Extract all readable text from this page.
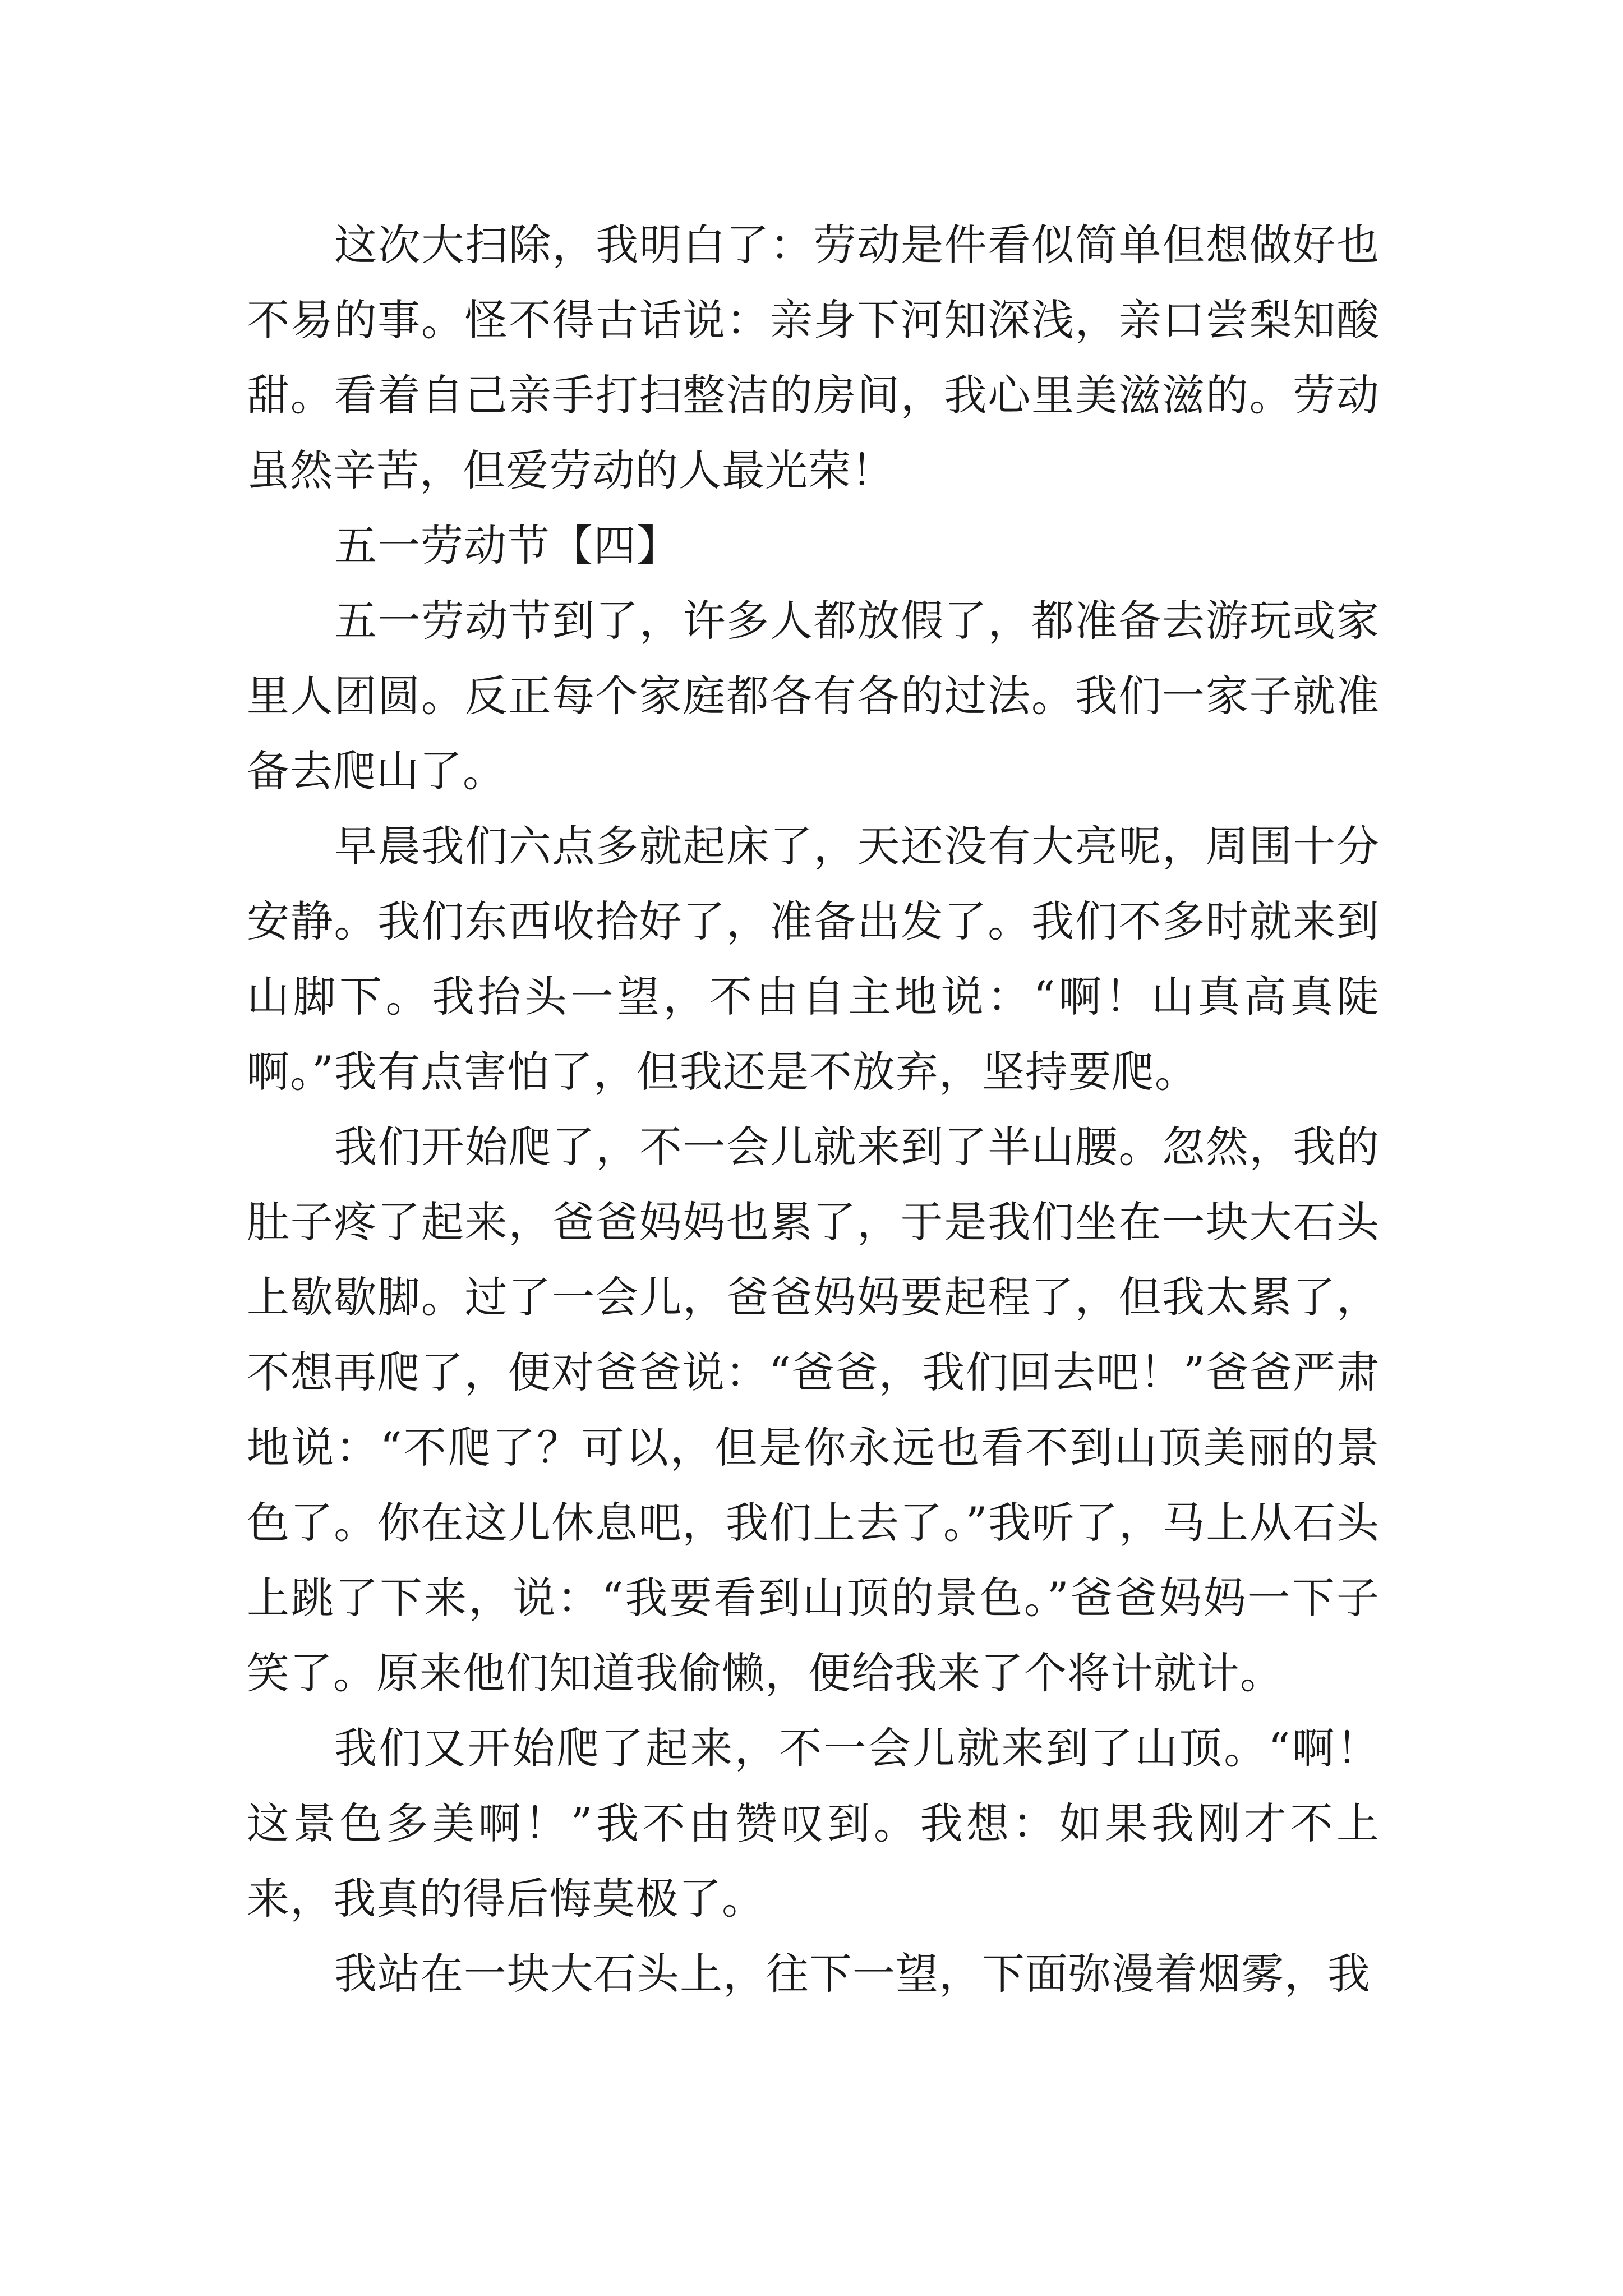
这次大扫除，我明白了：劳动是件看似简单但想做好也不易的事。怪不得古话说：亲身下河知深浅，亲口尝梨知酸甜。看着自己亲手打扫整洁的房间，我心里美滋滋的。劳动虽然辛苦，但爱劳动的人最光荣！

五一劳动节【四】

五一劳动节到了，许多人都放假了，都准备去游玩或家里人团圆。反正每个家庭都各有各的过法。我们一家子就准备去爬山了。

早晨我们六点多就起床了，天还没有大亮呢，周围十分安静。我们东西收拾好了，准备出发了。我们不多时就来到山脚下。我抬头一望，不由自主地说：“啊！山真高真陡啊。”我有点害怕了，但我还是不放弃，坚持要爬。

我们开始爬了，不一会儿就来到了半山腰。忽然，我的肚子疼了起来，爸爸妈妈也累了，于是我们坐在一块大石头上歇歇脚。过了一会儿，爸爸妈妈要起程了，但我太累了，不想再爬了，便对爸爸说：“爸爸，我们回去吧！”爸爸严肃地说：“不爬了？可以，但是你永远也看不到山顶美丽的景色了。你在这儿休息吧，我们上去了。”我听了，马上从石头上跳了下来，说：“我要看到山顶的景色。”爸爸妈妈一下子笑了。原来他们知道我偷懒，便给我来了个将计就计。

我们又开始爬了起来，不一会儿就来到了山顶。“啊！这景色多美啊！”我不由赞叹到。我想：如果我刚才不上来，我真的得后悔莫极了。

我站在一块大石头上，往下一望，下面弥漫着烟雾，我
